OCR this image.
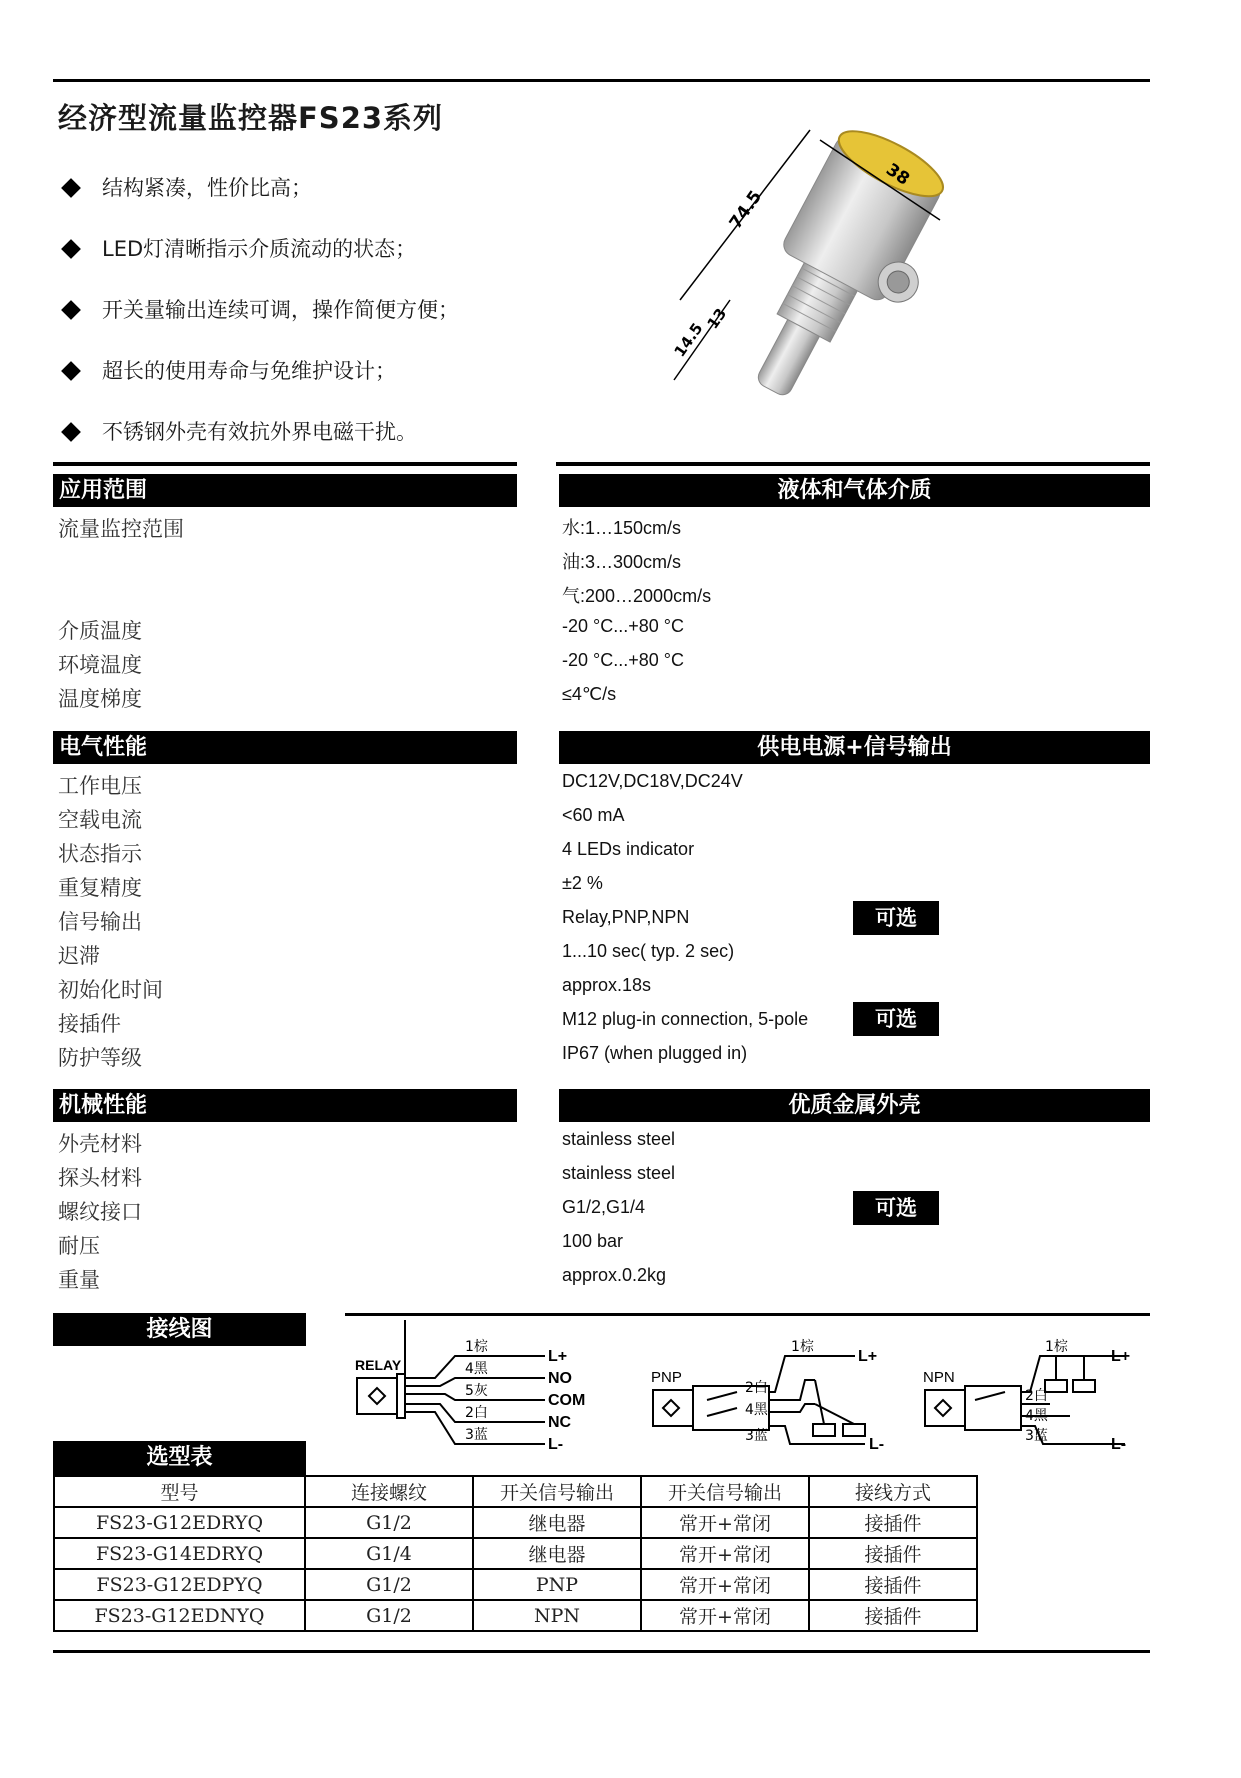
经济型流量监控器FS23系列
结构紧凑，性价比高；
LED灯清晰指示介质流动的状态；
开关量输出连续可调，操作简便方便；
超长的使用寿命与免维护设计；
不锈钢外壳有效抗外界电磁干扰。
74.5
38
14.5
13
应用范围	液体和气体介质
流量监控范围	水:1…150cm/s
油:3…300cm/s
气:200…2000cm/s
介质温度	-20 °C...+80 °C
环境温度	-20 °C...+80 °C
温度梯度	≤4℃/s
电气性能	供电电源+信号输出
工作电压	DC12V,DC18V,DC24V
空载电流	<60 mA
状态指示	4 LEDs indicator
重复精度	±2 %
信号输出	Relay,PNP,NPN	可选
迟滞	1...10 sec( typ. 2 sec)
初始化时间	approx.18s
接插件	M12 plug-in connection, 5-pole	可选
防护等级	IP67 (when plugged in)
机械性能	优质金属外壳
外壳材料	stainless steel
探头材料	stainless steel
螺纹接口	G1/2,G1/4	可选
耐压	100 bar
重量	approx.0.2kg
接线图
RELAY
1棕
4黑
5灰
2白
3蓝
L+
NO
COM
NC
L-
PNP
1棕
2白
4黑
3蓝
L+
L-
NPN
1棕
2白
4黑
3蓝
L+
L-
选型表
型号	连接螺纹	开关信号输出	开关信号输出	接线方式
FS23-G12EDRYQ	G1/2	继电器	常开+常闭	接插件
FS23-G14EDRYQ	G1/4	继电器	常开+常闭	接插件
FS23-G12EDPYQ	G1/2	PNP	常开+常闭	接插件
FS23-G12EDNYQ	G1/2	NPN	常开+常闭	接插件
